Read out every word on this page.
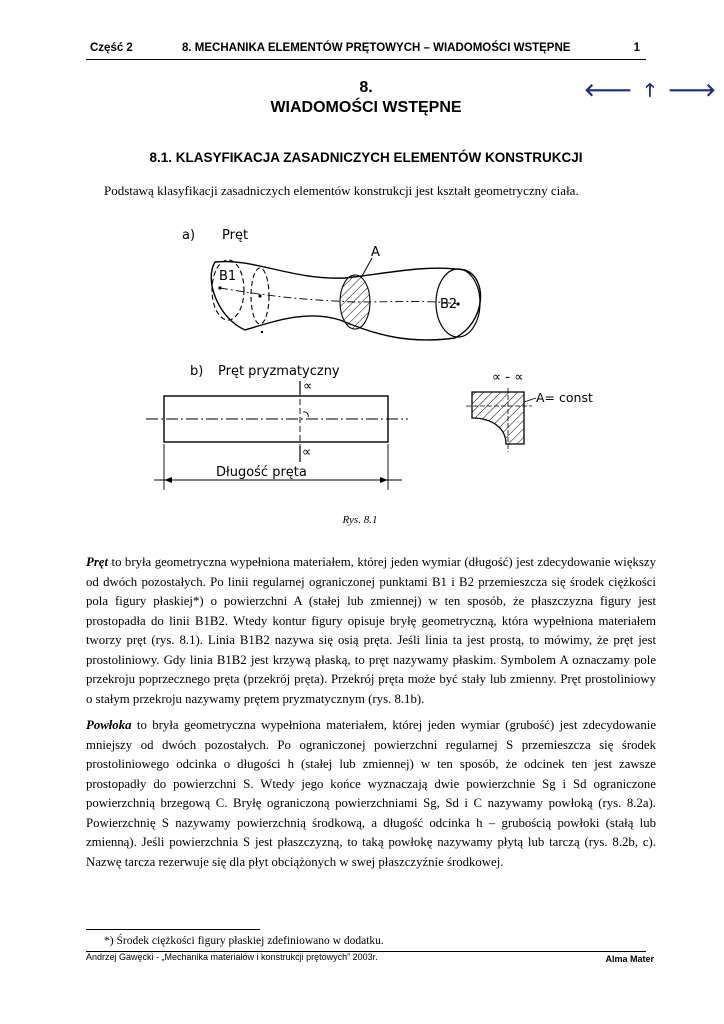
Część 2	8. MECHANIKA ELEMENTÓW PRĘTOWYCH – WIADOMOŚCI WSTĘPNE	1
8.
WIADOMOŚCI WSTĘPNE
🡐 🡑 🡒
8.1. KLASYFIKACJA ZASADNICZYCH ELEMENTÓW KONSTRUKCJI
Podstawą klasyfikacji zasadniczych elementów konstrukcji jest kształt geometryczny ciała.
a) Pręt
A
B1
B2
b) Pręt pryzmatyczny
∝
∝
Długość pręta
∝ - ∝
A= const
Rys. 8.1
Pręt to bryła geometryczna wypełniona materiałem, której jeden wymiar (długość) jest zdecydowanie większy od dwóch pozostałych. Po linii regularnej ograniczonej punktami B1 i B2 przemieszcza się środek ciężkości pola figury płaskiej*) o powierzchni A (stałej lub zmiennej) w ten sposób, że płaszczyzna figury jest prostopadła do linii B1B2. Wtedy kontur figury opisuje bryłę geometryczną, która wypełniona materiałem tworzy pręt (rys. 8.1). Linia B1B2 nazywa się osią pręta. Jeśli linia ta jest prostą, to mówimy, że pręt jest prostoliniowy. Gdy linia B1B2 jest krzywą płaską, to pręt nazywamy płaskim. Symbolem A oznaczamy pole przekroju poprzecznego pręta (przekrój pręta). Przekrój pręta może być stały lub zmienny. Pręt prostoliniowy o stałym przekroju nazywamy prętem pryzmatycznym (rys. 8.1b).
Powłoka to bryła geometryczna wypełniona materiałem, której jeden wymiar (grubość) jest zdecydowanie mniejszy od dwóch pozostałych. Po ograniczonej powierzchni regularnej S przemieszcza się środek prostoliniowego odcinka o długości h (stałej lub zmiennej) w ten sposób, że odcinek ten jest zawsze prostopadły do powierzchni S. Wtedy jego końce wyznaczają dwie powierzchnie Sg i Sd ograniczone powierzchnią brzegową C. Bryłę ograniczoną powierzchniami Sg, Sd i C nazywamy powłoką (rys. 8.2a). Powierzchnię S nazywamy powierzchnią środkową, a długość odcinka h – grubością powłoki (stałą lub zmienną). Jeśli powierzchnia S jest płaszczyzną, to taką powłokę nazywamy płytą lub tarczą (rys. 8.2b, c). Nazwę tarcza rezerwuje się dla płyt obciążonych w swej płaszczyźnie środkowej.
*) Środek ciężkości figury płaskiej zdefiniowano w dodatku.
Andrzej Gawęcki - „Mechanika materiałów i konstrukcji prętowych” 2003r.	Alma Mater
